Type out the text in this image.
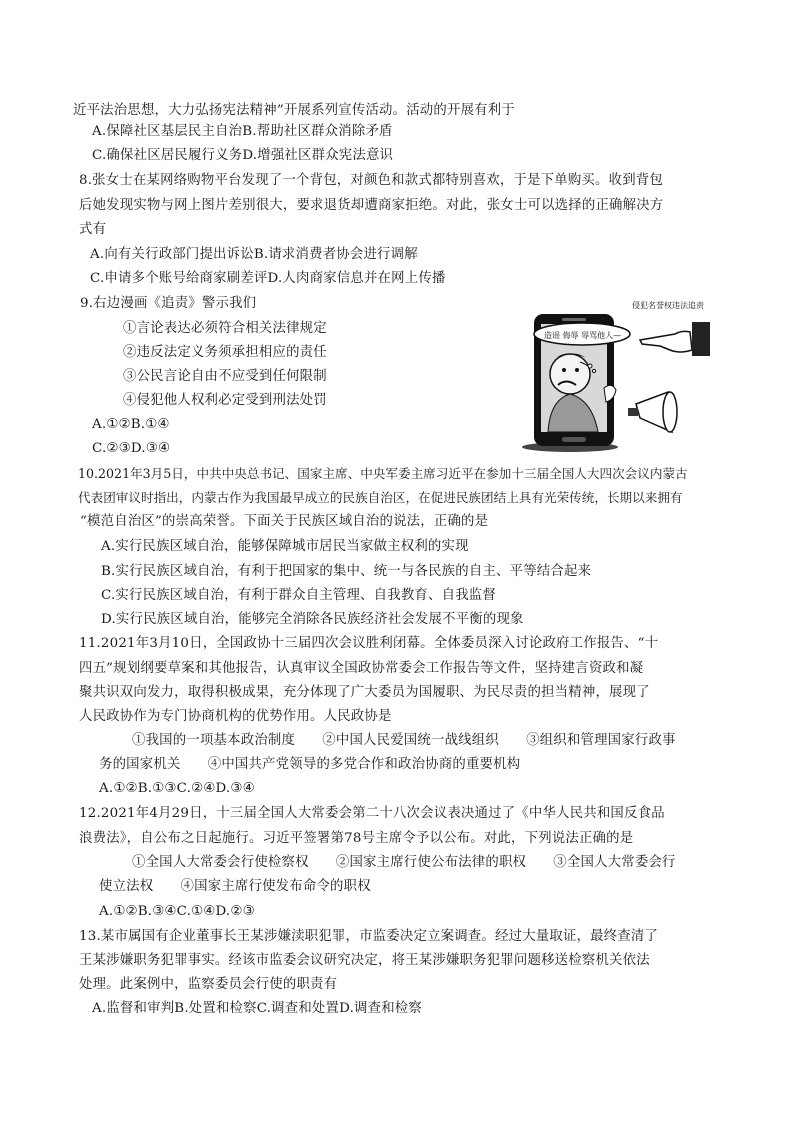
近平法治思想，大力弘扬宪法精神”开展系列宣传活动。活动的开展有利于
A.保障社区基层民主自治B.帮助社区群众消除矛盾
C.确保社区居民履行义务D.增强社区群众宪法意识
8.张女士在某网络购物平台发现了一个背包，对颜色和款式都特别喜欢，于是下单购买。收到背包
后她发现实物与网上图片差别很大，要求退货却遭商家拒绝。对此，张女士可以选择的正确解决方
式有
A.向有关行政部门提出诉讼B.请求消费者协会进行调解
C.申请多个账号给商家刷差评D.人肉商家信息并在网上传播
9.右边漫画《追责》警示我们
①言论表达必须符合相关法律规定
②违反法定义务须承担相应的责任
③公民言论自由不应受到任何限制
④侵犯他人权利必定受到刑法处罚
A.①②B.①④
C.②③D.③④
造谣 侮辱 辱骂他人—
侵犯名誉权违法追责
10.2021年3月5日，中共中央总书记、国家主席、中央军委主席习近平在参加十三届全国人大四次会议内蒙古
代表团审议时指出，内蒙古作为我国最早成立的民族自治区，在促进民族团结上具有光荣传统，长期以来拥有
“模范自治区”的崇高荣誉。下面关于民族区域自治的说法，正确的是
A.实行民族区域自治，能够保障城市居民当家做主权利的实现
B.实行民族区域自治，有利于把国家的集中、统一与各民族的自主、平等结合起来
C.实行民族区域自治，有利于群众自主管理、自我教育、自我监督
D.实行民族区域自治，能够完全消除各民族经济社会发展不平衡的现象
11.2021年3月10日，全国政协十三届四次会议胜利闭幕。全体委员深入讨论政府工作报告、“十
四五”规划纲要草案和其他报告，认真审议全国政协常委会工作报告等文件，坚持建言资政和凝
聚共识双向发力，取得积极成果，充分体现了广大委员为国履职、为民尽责的担当精神，展现了
人民政协作为专门协商机构的优势作用。人民政协是
①我国的一项基本政治制度　　②中国人民爱国统一战线组织　　③组织和管理国家行政事
务的国家机关　　④中国共产党领导的多党合作和政治协商的重要机构
A.①②B.①③C.②④D.③④
12.2021年4月29日，十三届全国人大常委会第二十八次会议表决通过了《中华人民共和国反食品
浪费法》，自公布之日起施行。习近平签署第78号主席令予以公布。对此，下列说法正确的是
①全国人大常委会行使检察权　　②国家主席行使公布法律的职权　　③全国人大常委会行
使立法权　　④国家主席行使发布命令的职权
A.①②B.③④C.①④D.②③
13.某市属国有企业董事长王某涉嫌渎职犯罪，市监委决定立案调查。经过大量取证，最终查清了
王某涉嫌职务犯罪事实。经该市监委会议研究决定，将王某涉嫌职务犯罪问题移送检察机关依法
处理。此案例中，监察委员会行使的职责有
A.监督和审判B.处置和检察C.调查和处置D.调查和检察
